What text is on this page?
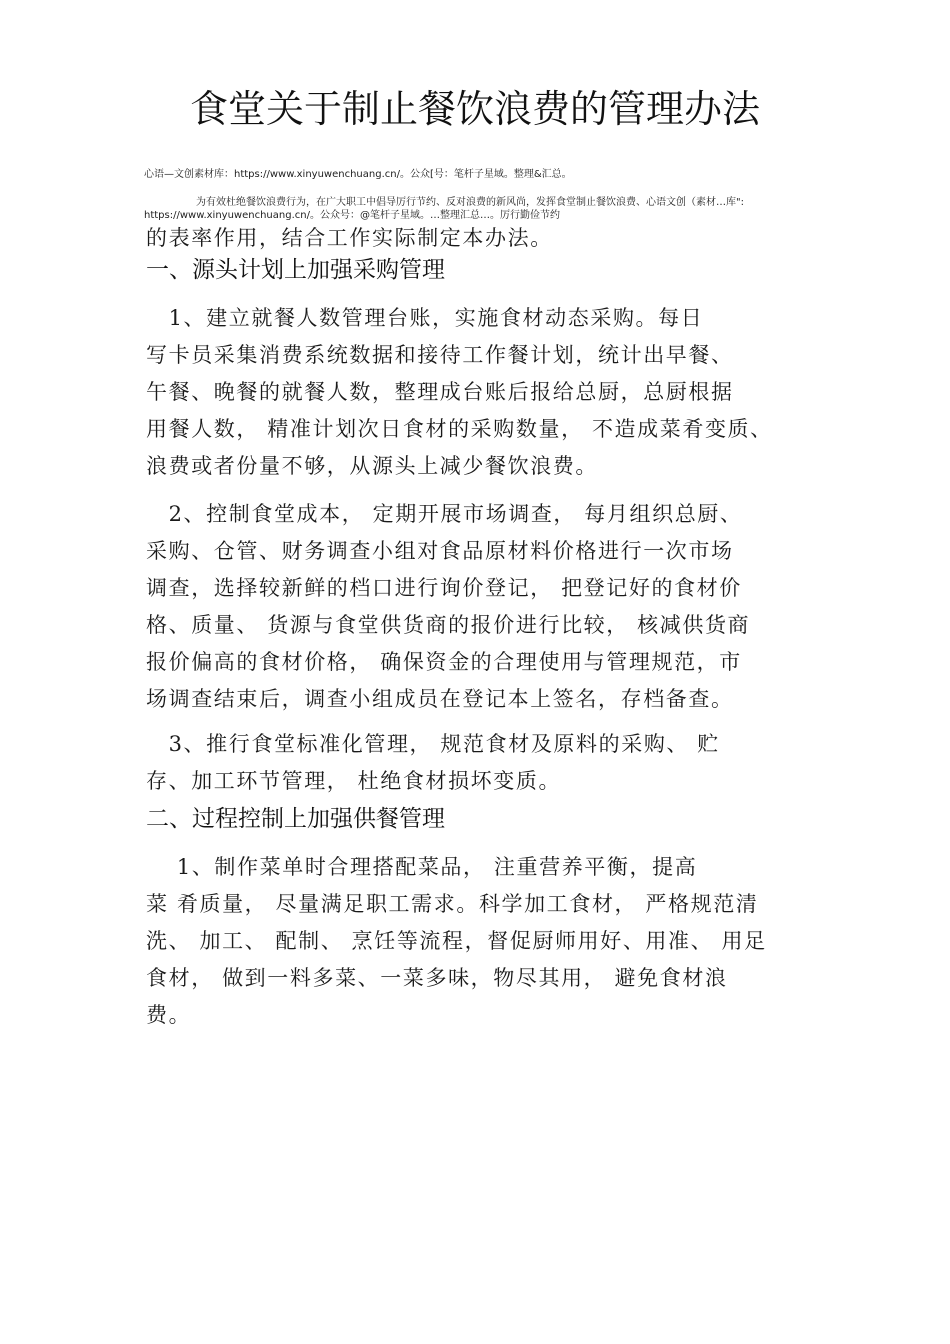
食堂关于制止餐饮浪费的管理办法
心语—文创素材库：https://www.xinyuwenchuang.cn/。公众[号：笔杆子星域。整理&汇总。
为有效杜绝餐饮浪费行为，在广大职工中倡导厉行节约、反对浪费的新风尚，发挥食堂制止餐饮浪费、心语文创（素材…库":
https://www.xinyuwenchuang.cn/。公众号：@笔杆子星域。…整理汇总…。厉行勤俭节约
的表率作用，结合工作实际制定本办法。
一、源头计划上加强采购管理
　1、建立就餐人数管理台账，实施食材动态采购。每日
写卡员采集消费系统数据和接待工作餐计划，统计出早餐、
午餐、晚餐的就餐人数，整理成台账后报给总厨，总厨根据
用餐人数， 精准计划次日食材的采购数量， 不造成菜肴变质、
浪费或者份量不够，从源头上减少餐饮浪费。
　2、控制食堂成本， 定期开展市场调查， 每月组织总厨、
采购、仓管、财务调查小组对食品原材料价格进行一次市场
调查，选择较新鲜的档口进行询价登记， 把登记好的食材价
格、质量、 货源与食堂供货商的报价进行比较， 核减供货商
报价偏高的食材价格， 确保资金的合理使用与管理规范，市
场调查结束后，调查小组成员在登记本上签名，存档备查。
　3、推行食堂标准化管理， 规范食材及原料的采购、 贮
存、加工环节管理， 杜绝食材损坏变质。
二、过程控制上加强供餐管理
　 1、制作菜单时合理搭配菜品， 注重营养平衡，提高
菜 肴质量， 尽量满足职工需求。科学加工食材， 严格规范清
洗、 加工、 配制、 烹饪等流程，督促厨师用好、用准、 用足
食材， 做到一料多菜、一菜多味，物尽其用， 避免食材浪
费。
